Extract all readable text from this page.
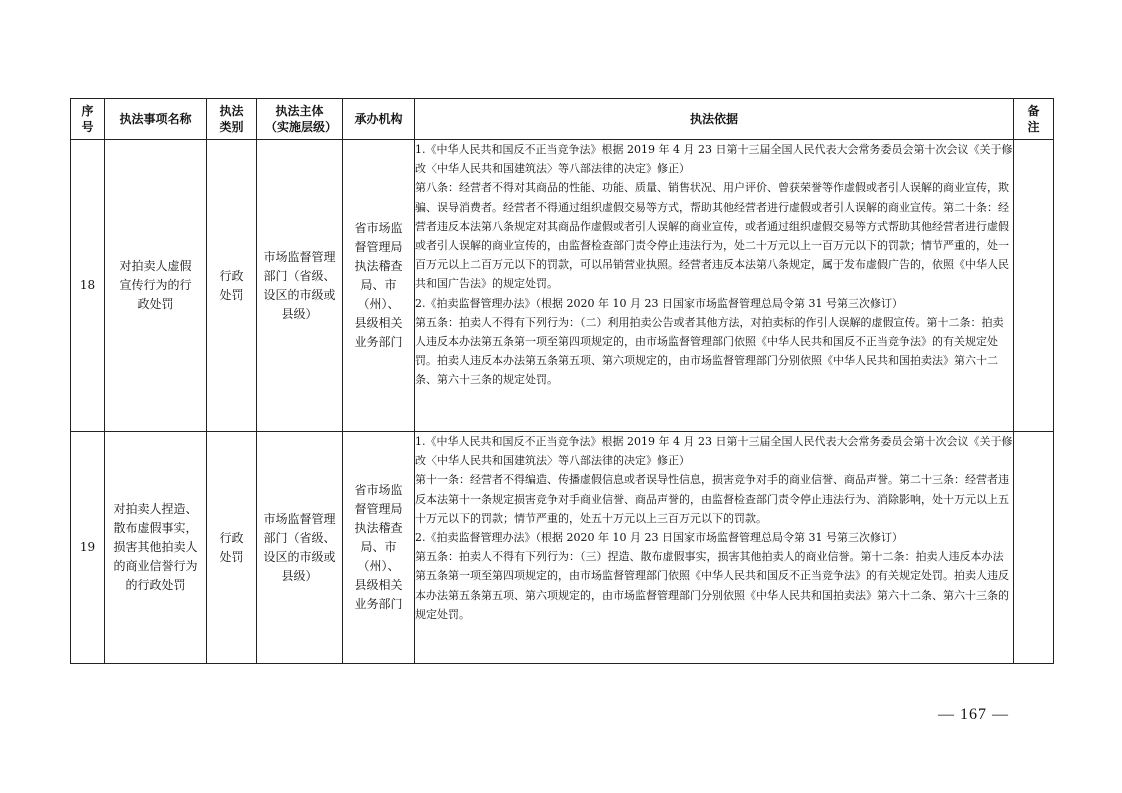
序号	执法事项名称	执法类别	执法主体（实施层级）	承办机构	执法依据	备注
18	对拍卖人虚假宣传行为的行政处罚	行政处罚	市场监督管理部门（省级、设区的市级或县级）	省市场监督管理局执法稽查局、市（州）、县级相关业务部门	1.《中华人民共和国反不正当竞争法》根据 2019 年 4 月 23 日第十三届全国人民代表大会常务委员会第十次会议《关于修改〈中华人民共和国建筑法〉等八部法律的决定》修正）

第八条：经营者不得对其商品的性能、功能、质量、销售状况、用户评价、曾获荣誉等作虚假或者引人误解的商业宣传，欺骗、误导消费者。经营者不得通过组织虚假交易等方式，帮助其他经营者进行虚假或者引人误解的商业宣传。第二十条：经营者违反本法第八条规定对其商品作虚假或者引人误解的商业宣传，或者通过组织虚假交易等方式帮助其他经营者进行虚假或者引人误解的商业宣传的，由监督检查部门责令停止违法行为，处二十万元以上一百万元以下的罚款；情节严重的，处一百万元以上二百万元以下的罚款，可以吊销营业执照。经营者违反本法第八条规定，属于发布虚假广告的，依照《中华人民共和国广告法》的规定处罚。

2.《拍卖监督管理办法》（根据 2020 年 10 月 23 日国家市场监督管理总局令第 31 号第三次修订）

第五条：拍卖人不得有下列行为：（二）利用拍卖公告或者其他方法，对拍卖标的作引人误解的虚假宣传。第十二条：拍卖人违反本办法第五条第一项至第四项规定的，由市场监督管理部门依照《中华人民共和国反不正当竞争法》的有关规定处罚。拍卖人违反本办法第五条第五项、第六项规定的，由市场监督管理部门分别依照《中华人民共和国拍卖法》第六十二条、第六十三条的规定处罚。	

19	对拍卖人捏造、散布虚假事实，损害其他拍卖人的商业信誉行为的行政处罚	行政处罚	市场监督管理部门（省级、设区的市级或县级）	省市场监督管理局执法稽查局、市（州）、县级相关业务部门	1.《中华人民共和国反不正当竞争法》根据 2019 年 4 月 23 日第十三届全国人民代表大会常务委员会第十次会议《关于修改〈中华人民共和国建筑法〉等八部法律的决定》修正）

第十一条：经营者不得编造、传播虚假信息或者误导性信息，损害竞争对手的商业信誉、商品声誉。第二十三条：经营者违反本法第十一条规定损害竞争对手商业信誉、商品声誉的，由监督检查部门责令停止违法行为、消除影响，处十万元以上五十万元以下的罚款；情节严重的，处五十万元以上三百万元以下的罚款。

2.《拍卖监督管理办法》（根据 2020 年 10 月 23 日国家市场监督管理总局令第 31 号第三次修订）

第五条：拍卖人不得有下列行为：（三）捏造、散布虚假事实，损害其他拍卖人的商业信誉。第十二条：拍卖人违反本办法第五条第一项至第四项规定的，由市场监督管理部门依照《中华人民共和国反不正当竞争法》的有关规定处罚。拍卖人违反本办法第五条第五项、第六项规定的，由市场监督管理部门分别依照《中华人民共和国拍卖法》第六十二条、第六十三条的规定处罚。	

— 167 —
